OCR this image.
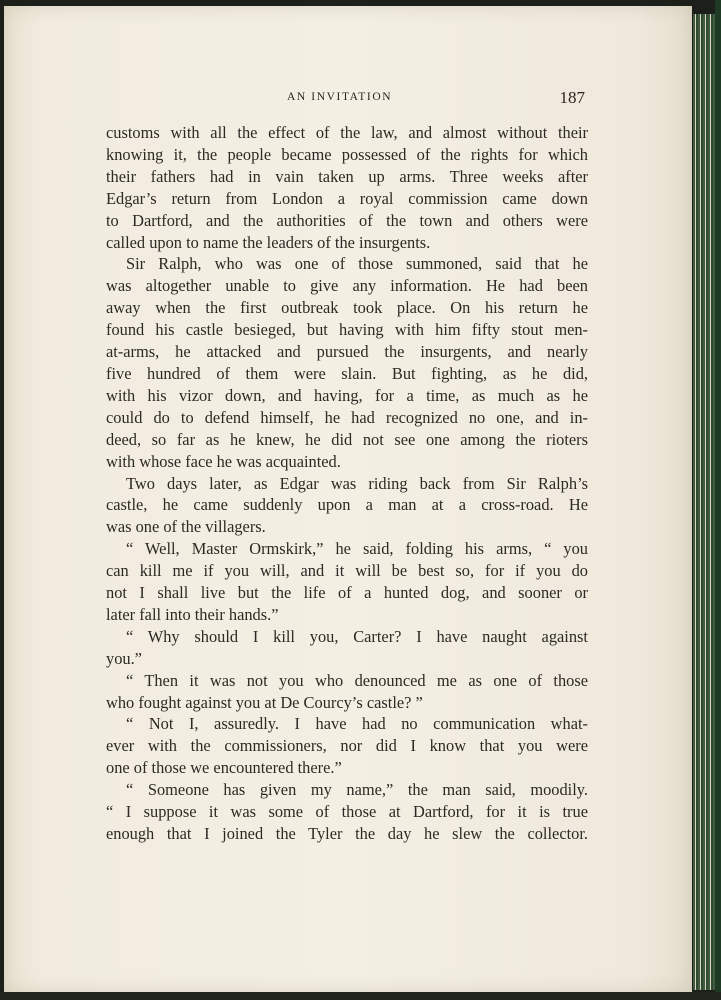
AN INVITATION	187
customs with all the effect of the law, and almost without their
knowing it, the people became possessed of the rights for which
their fathers had in vain taken up arms. Three weeks after
Edgar’s return from London a royal commission came down
to Dartford, and the authorities of the town and others were
called upon to name the leaders of the insurgents.
Sir Ralph, who was one of those summoned, said that he
was altogether unable to give any information. He had been
away when the first outbreak took place. On his return he
found his castle besieged, but having with him fifty stout men-
at-arms, he attacked and pursued the insurgents, and nearly
five hundred of them were slain. But fighting, as he did,
with his vizor down, and having, for a time, as much as he
could do to defend himself, he had recognized no one, and in-
deed, so far as he knew, he did not see one among the rioters
with whose face he was acquainted.
Two days later, as Edgar was riding back from Sir Ralph’s
castle, he came suddenly upon a man at a cross-road. He
was one of the villagers.
“ Well, Master Ormskirk,” he said, folding his arms, “ you
can kill me if you will, and it will be best so, for if you do
not I shall live but the life of a hunted dog, and sooner or
later fall into their hands.”
“ Why should I kill you, Carter? I have naught against
you.”
“ Then it was not you who denounced me as one of those
who fought against you at De Courcy’s castle? ”
“ Not I, assuredly. I have had no communication what-
ever with the commissioners, nor did I know that you were
one of those we encountered there.”
“ Someone has given my name,” the man said, moodily.
“ I suppose it was some of those at Dartford, for it is true
enough that I joined the Tyler the day he slew the collector.
